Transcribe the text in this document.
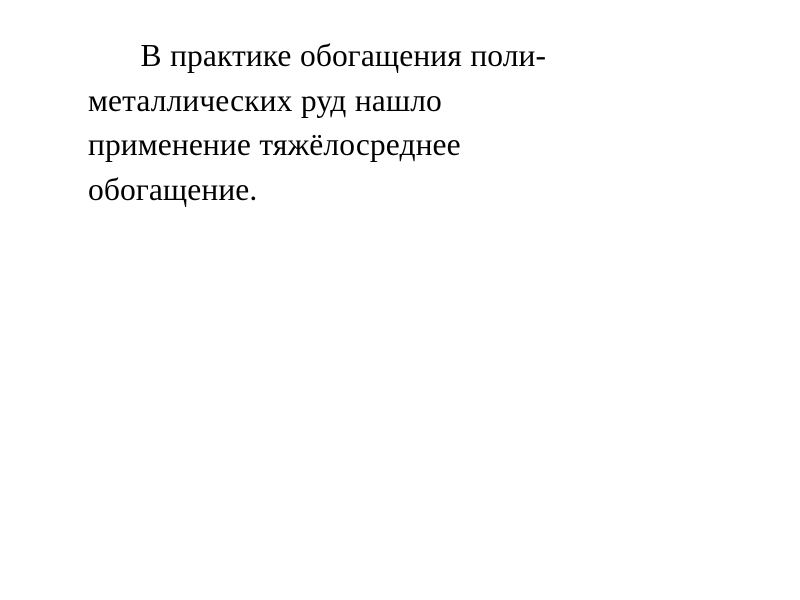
В практике обогащения поли-
металлических руд нашло
применение тяжёлосреднее
обогащение.
